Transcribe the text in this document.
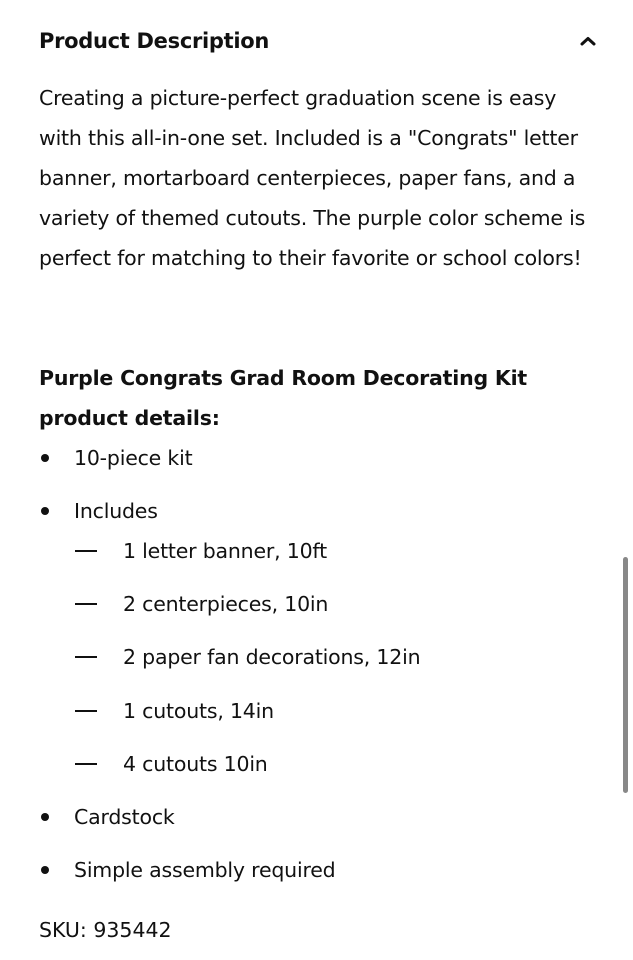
Product Description
Creating a picture-perfect graduation scene is easy with this all-in-one set. Included is a "Congrats" letter banner, mortarboard centerpieces, paper fans, and a variety of themed cutouts. The purple color scheme is perfect for matching to their favorite or school colors!
Purple Congrats Grad Room Decorating Kit product details:
10-piece kit
Includes
1 letter banner, 10ft
2 centerpieces, 10in
2 paper fan decorations, 12in
1 cutouts, 14in
4 cutouts 10in
Cardstock
Simple assembly required
SKU: 935442
